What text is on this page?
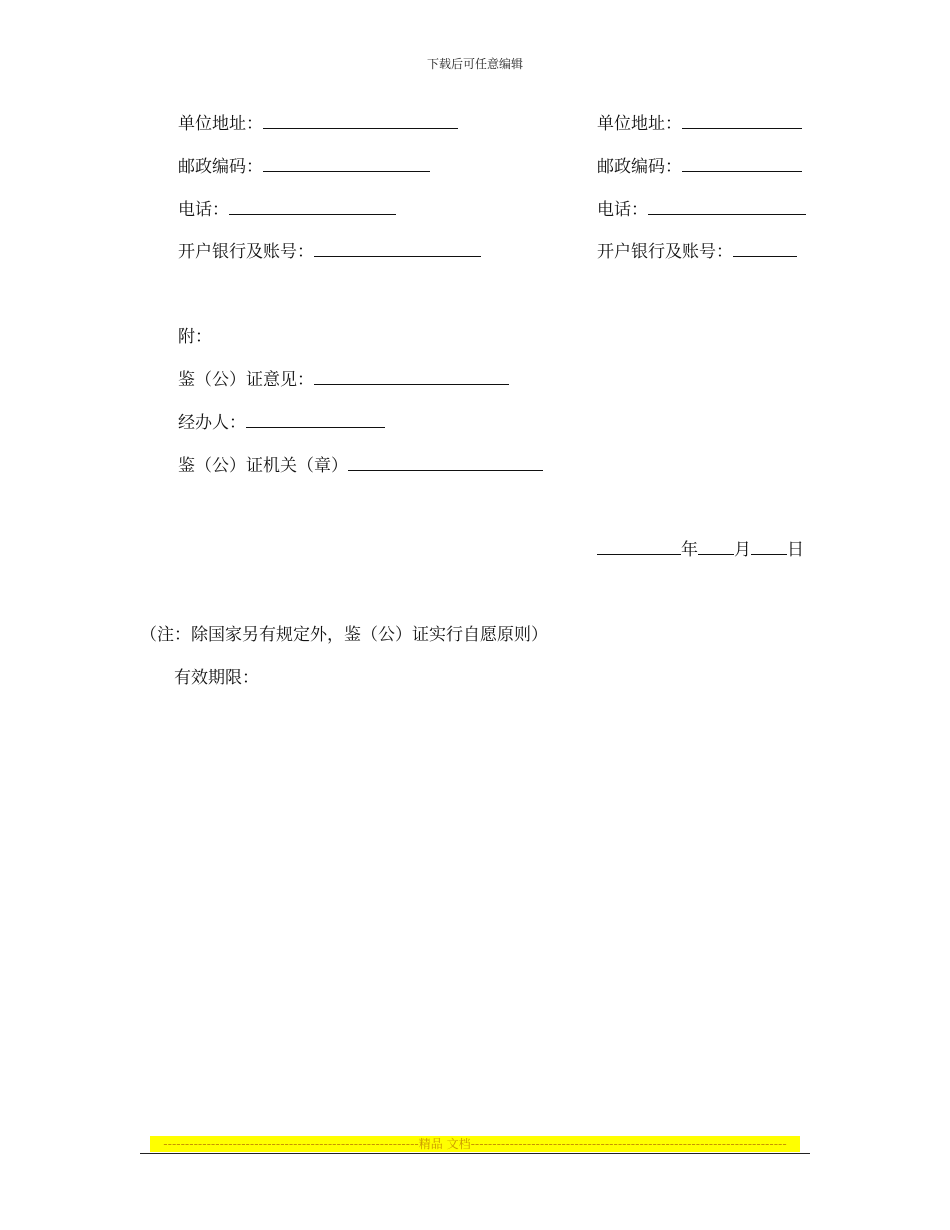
下载后可任意编辑
单位地址：
邮政编码：
电话：
开户银行及账号：
单位地址：
邮政编码：
电话：
开户银行及账号：
附：
鉴（公）证意见：
经办人：
鉴（公）证机关（章）
年 月 日
（注：除国家另有规定外，鉴（公）证实行自愿原则）
有效期限：
-----------------------------------------------------------精品 文档-------------------------------------------------------------------------
